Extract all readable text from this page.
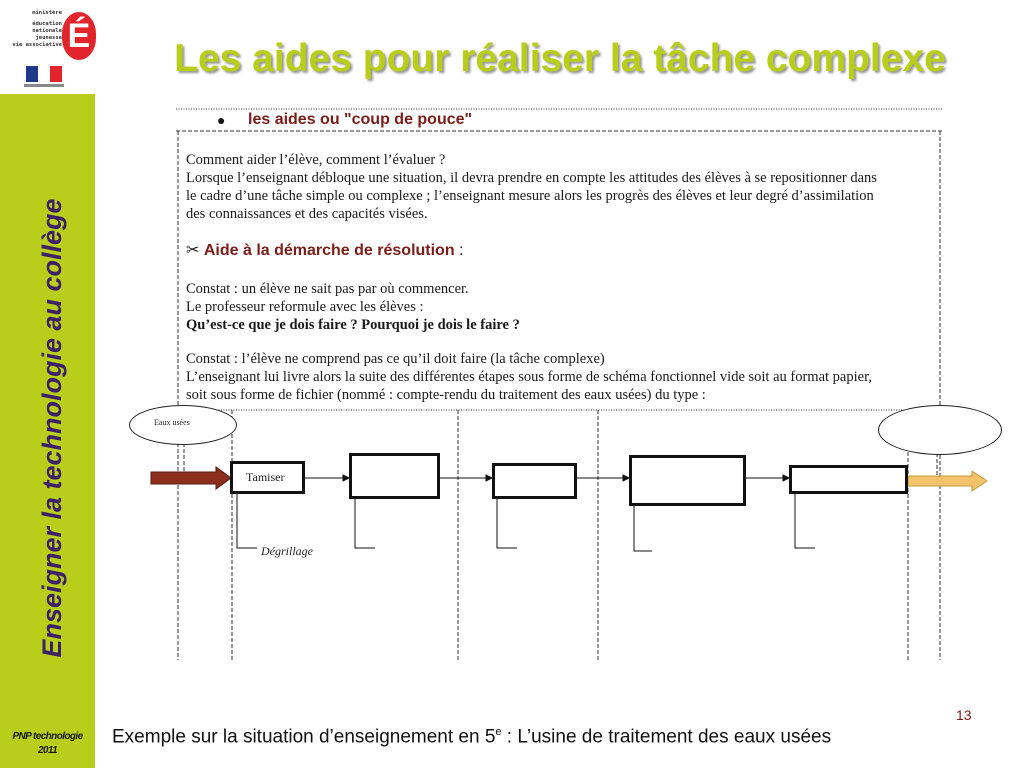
Enseigner la technologie au collège
PNP technologie
2011
ministère
éducation
nationale
jeunesse
vie associative É
Les aides pour réaliser la tâche complexe
● les aides ou "coup de pouce"
Comment aider l’élève, comment l’évaluer ?
Lorsque l’enseignant débloque une situation, il devra prendre en compte les attitudes des élèves à se repositionner dans
le cadre d’une tâche simple ou complexe ; l’enseignant mesure alors les progrès des élèves et leur degré d’assimilation
des connaissances et des capacités visées.
✂ Aide à la démarche de résolution :
Constat : un élève ne sait pas par où commencer.
Le professeur reformule avec les élèves :
Qu’est-ce que je dois faire ? Pourquoi je dois le faire ?
Constat : l’élève ne comprend pas ce qu’il doit faire (la tâche complexe)
L’enseignant lui livre alors la suite des différentes étapes sous forme de schéma fonctionnel vide soit au format papier,
soit sous forme de fichier (nommé : compte-rendu du traitement des eaux usées) du type :
Eaux usées
Tamiser
Dégrillage
13
Exemple sur la situation d’enseignement en 5e : L’usine de traitement des eaux usées
